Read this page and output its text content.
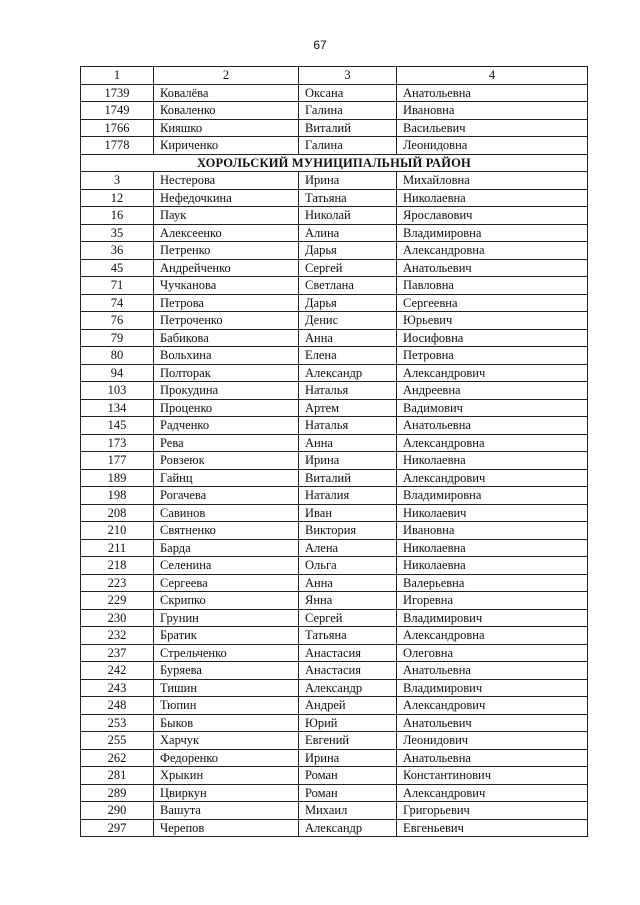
67
1	2	3	4
1739	Ковалёва	Оксана	Анатольевна
1749	Коваленко	Галина	Ивановна
1766	Кияшко	Виталий	Васильевич
1778	Кириченко	Галина	Леонидовна
ХОРОЛЬСКИЙ МУНИЦИПАЛЬНЫЙ РАЙОН			
3	Нестерова	Ирина	Михайловна
12	Нефедочкина	Татьяна	Николаевна
16	Паук	Николай	Ярославович
35	Алексеенко	Алина	Владимировна
36	Петренко	Дарья	Александровна
45	Андрейченко	Сергей	Анатольевич
71	Чучканова	Светлана	Павловна
74	Петрова	Дарья	Сергеевна
76	Петроченко	Денис	Юрьевич
79	Бабикова	Анна	Иосифовна
80	Вольхина	Елена	Петровна
94	Полторак	Александр	Александрович
103	Прокудина	Наталья	Андреевна
134	Проценко	Артем	Вадимович
145	Радченко	Наталья	Анатольевна
173	Рева	Анна	Александровна
177	Ровзеюк	Ирина	Николаевна
189	Гайнц	Виталий	Александрович
198	Рогачева	Наталия	Владимировна
208	Савинов	Иван	Николаевич
210	Святненко	Виктория	Ивановна
211	Барда	Алена	Николаевна
218	Селенина	Ольга	Николаевна
223	Сергеева	Анна	Валерьевна
229	Скрипко	Янна	Игоревна
230	Грунин	Сергей	Владимирович
232	Братик	Татьяна	Александровна
237	Стрельченко	Анастасия	Олеговна
242	Буряева	Анастасия	Анатольевна
243	Тишин	Александр	Владимирович
248	Тюпин	Андрей	Александрович
253	Быков	Юрий	Анатольевич
255	Харчук	Евгений	Леонидович
262	Федоренко	Ирина	Анатольевна
281	Хрыкин	Роман	Константинович
289	Цвиркун	Роман	Александрович
290	Вашута	Михаил	Григорьевич
297	Черепов	Александр	Евгеньевич
